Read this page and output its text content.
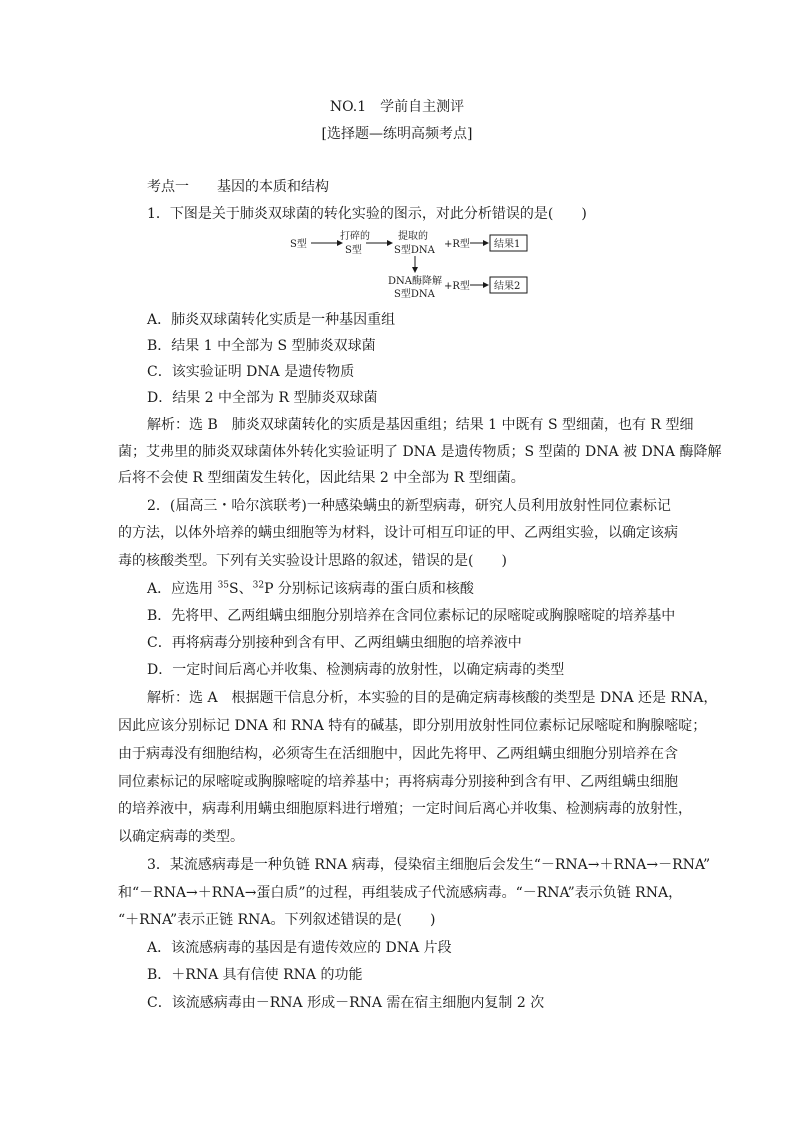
NO.1　学前自主测评
[选择题—练明高频考点]
考点一　　基因的本质和结构
1．下图是关于肺炎双球菌的转化实验的图示，对此分析错误的是(　　)
S型
打碎的
S型
提取的
S型DNA
+R型 结果1
DNA酶降解
S型DNA
+R型 结果2
A．肺炎双球菌转化实质是一种基因重组
B．结果 1 中全部为 S 型肺炎双球菌
C．该实验证明 DNA 是遗传物质
D．结果 2 中全部为 R 型肺炎双球菌
解析：选 B　肺炎双球菌转化的实质是基因重组；结果 1 中既有 S 型细菌，也有 R 型细
菌；艾弗里的肺炎双球菌体外转化实验证明了 DNA 是遗传物质；S 型菌的 DNA 被 DNA 酶降解
后将不会使 R 型细菌发生转化，因此结果 2 中全部为 R 型细菌。
2．(届高三・哈尔滨联考)一种感染螨虫的新型病毒，研究人员利用放射性同位素标记
的方法，以体外培养的螨虫细胞等为材料，设计可相互印证的甲、乙两组实验，以确定该病
毒的核酸类型。下列有关实验设计思路的叙述，错误的是(　　)
A．应选用 $^{35}$S、$^{32}$P 分别标记该病毒的蛋白质和核酸
B．先将甲、乙两组螨虫细胞分别培养在含同位素标记的尿嘧啶或胸腺嘧啶的培养基中
C．再将病毒分别接种到含有甲、乙两组螨虫细胞的培养液中
D．一定时间后离心并收集、检测病毒的放射性，以确定病毒的类型
解析：选 A　根据题干信息分析，本实验的目的是确定病毒核酸的类型是 DNA 还是 RNA，
因此应该分别标记 DNA 和 RNA 特有的碱基，即分别用放射性同位素标记尿嘧啶和胸腺嘧啶；
由于病毒没有细胞结构，必须寄生在活细胞中，因此先将甲、乙两组螨虫细胞分别培养在含
同位素标记的尿嘧啶或胸腺嘧啶的培养基中；再将病毒分别接种到含有甲、乙两组螨虫细胞
的培养液中，病毒利用螨虫细胞原料进行增殖；一定时间后离心并收集、检测病毒的放射性，
以确定病毒的类型。
3．某流感病毒是一种负链 RNA 病毒，侵染宿主细胞后会发生“－RNA→＋RNA→－RNA”
和“－RNA→＋RNA→蛋白质”的过程，再组装成子代流感病毒。“－RNA”表示负链 RNA，
“＋RNA”表示正链 RNA。下列叙述错误的是(　　)
A．该流感病毒的基因是有遗传效应的 DNA 片段
B．＋RNA 具有信使 RNA 的功能
C．该流感病毒由－RNA 形成－RNA 需在宿主细胞内复制 2 次
